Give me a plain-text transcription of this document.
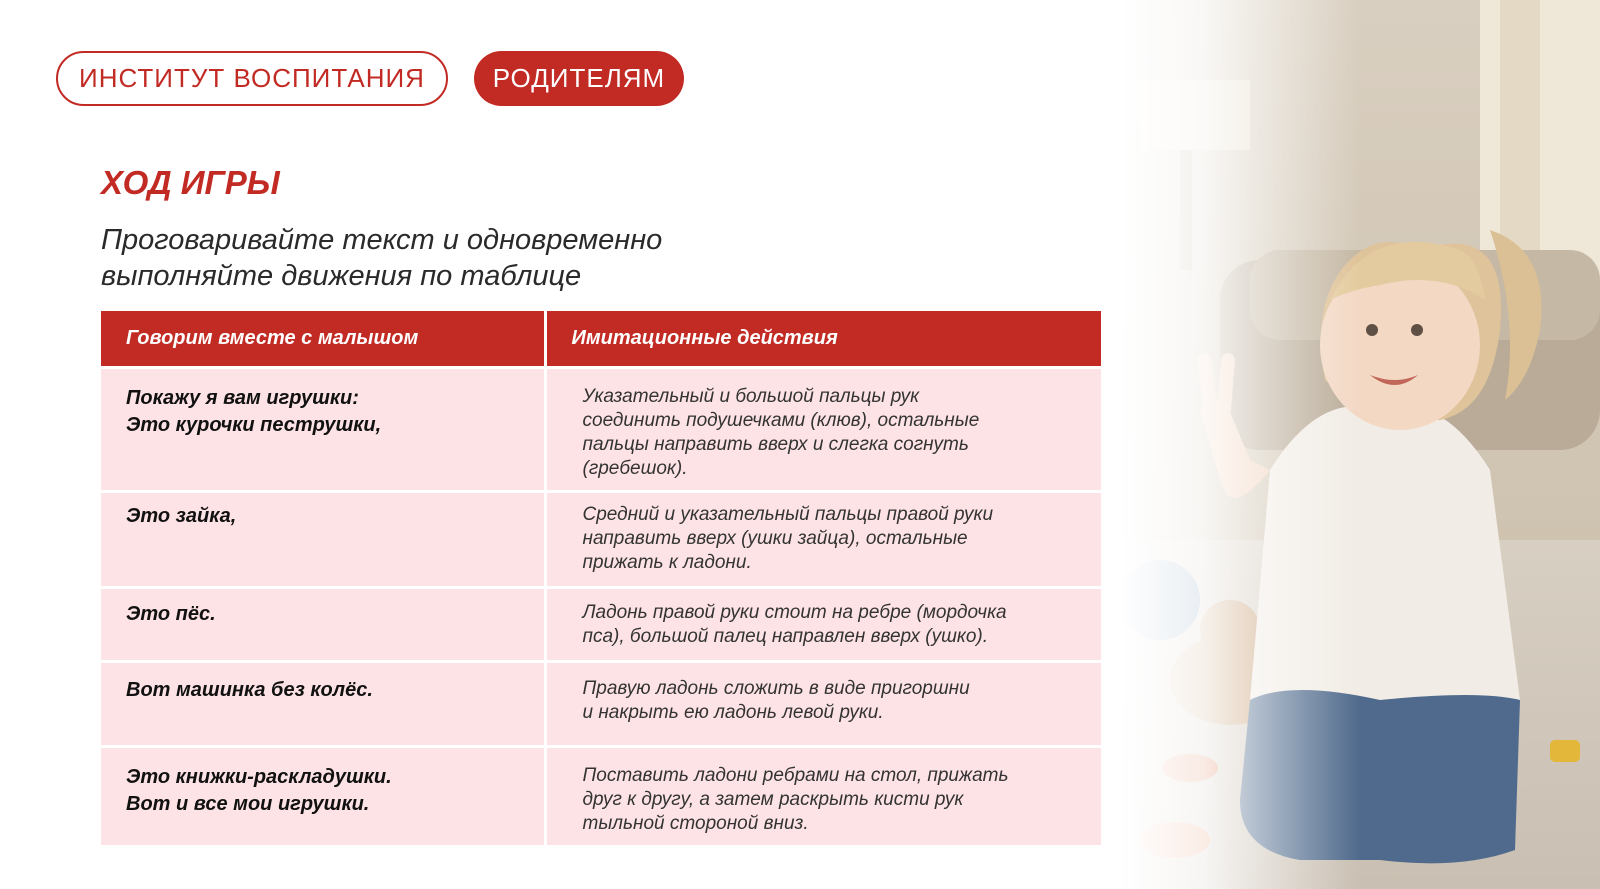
ИНСТИТУТ ВОСПИТАНИЯ	РОДИТЕЛЯМ
ХОД ИГРЫ

Проговаривайте текст и одновременно
выполняйте движения по таблице

Говорим вместе с малышом	Имитационные действия

Покажу я вам игрушки:
Это курочки пеструшки,	Указательный и большой пальцы рук
соединить подушечками (клюв), остальные
пальцы направить вверх и слегка согнуть
(гребешок).

Это зайка,	Средний и указательный пальцы правой руки
направить вверх (ушки зайца), остальные
прижать к ладони.

Это пёс.	Ладонь правой руки стоит на ребре (мордочка
пса), большой палец направлен вверх (ушко).

Вот машинка без колёс.	Правую ладонь сложить в виде пригоршни
и накрыть ею ладонь левой руки.

Это книжки-раскладушки.
Вот и все мои игрушки.	Поставить ладони ребрами на стол, прижать
друг к другу, а затем раскрыть кисти рук
тыльной стороной вниз.
